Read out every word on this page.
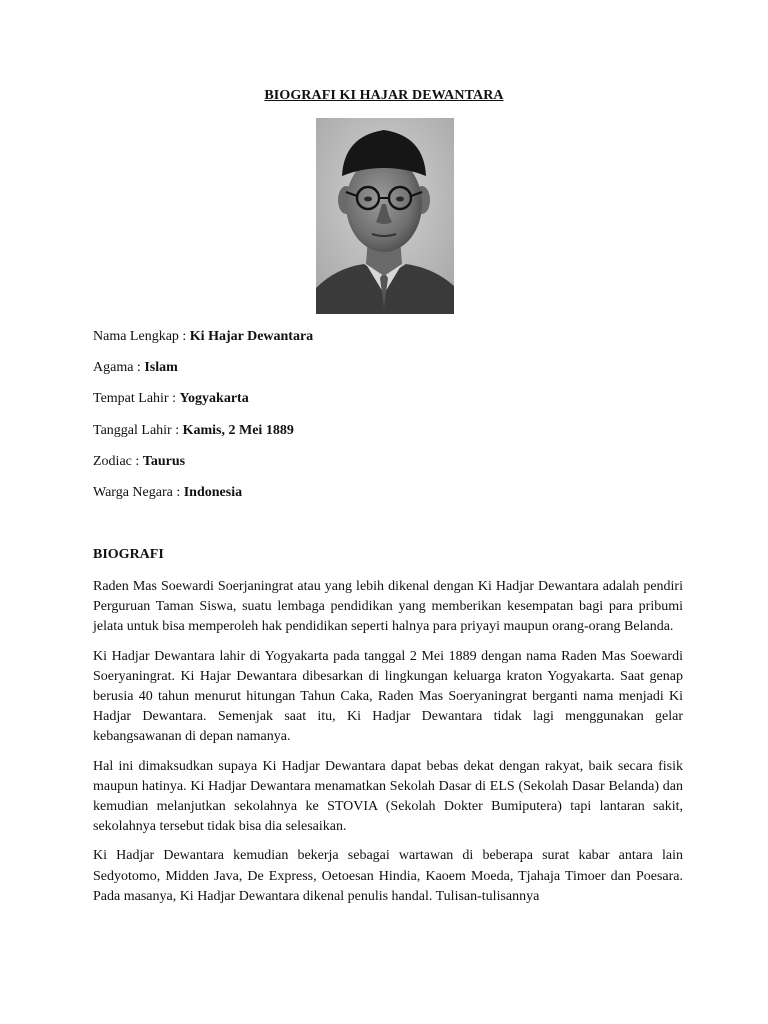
BIOGRAFI KI HAJAR DEWANTARA
Nama Lengkap : Ki Hajar Dewantara
Agama : Islam
Tempat Lahir : Yogyakarta
Tanggal Lahir : Kamis, 2 Mei 1889
Zodiac : Taurus
Warga Negara : Indonesia
BIOGRAFI

Raden Mas Soewardi Soerjaningrat atau yang lebih dikenal dengan Ki Hadjar Dewantara adalah pendiri Perguruan Taman Siswa, suatu lembaga pendidikan yang memberikan kesempatan bagi para pribumi jelata untuk bisa memperoleh hak pendidikan seperti halnya para priyayi maupun orang-orang Belanda.

Ki Hadjar Dewantara lahir di Yogyakarta pada tanggal 2 Mei 1889 dengan nama Raden Mas Soewardi Soeryaningrat. Ki Hajar Dewantara dibesarkan di lingkungan keluarga kraton Yogyakarta. Saat genap berusia 40 tahun menurut hitungan Tahun Caka, Raden Mas Soeryaningrat berganti nama menjadi Ki Hadjar Dewantara. Semenjak saat itu, Ki Hadjar Dewantara tidak lagi menggunakan gelar kebangsawanan di depan namanya.

Hal ini dimaksudkan supaya Ki Hadjar Dewantara dapat bebas dekat dengan rakyat, baik secara fisik maupun hatinya. Ki Hadjar Dewantara menamatkan Sekolah Dasar di ELS (Sekolah Dasar Belanda) dan kemudian melanjutkan sekolahnya ke STOVIA (Sekolah Dokter Bumiputera) tapi lantaran sakit, sekolahnya tersebut tidak bisa dia selesaikan.

Ki Hadjar Dewantara kemudian bekerja sebagai wartawan di beberapa surat kabar antara lain Sedyotomo, Midden Java, De Express, Oetoesan Hindia, Kaoem Moeda, Tjahaja Timoer dan Poesara. Pada masanya, Ki Hadjar Dewantara dikenal penulis handal. Tulisan-tulisannya
